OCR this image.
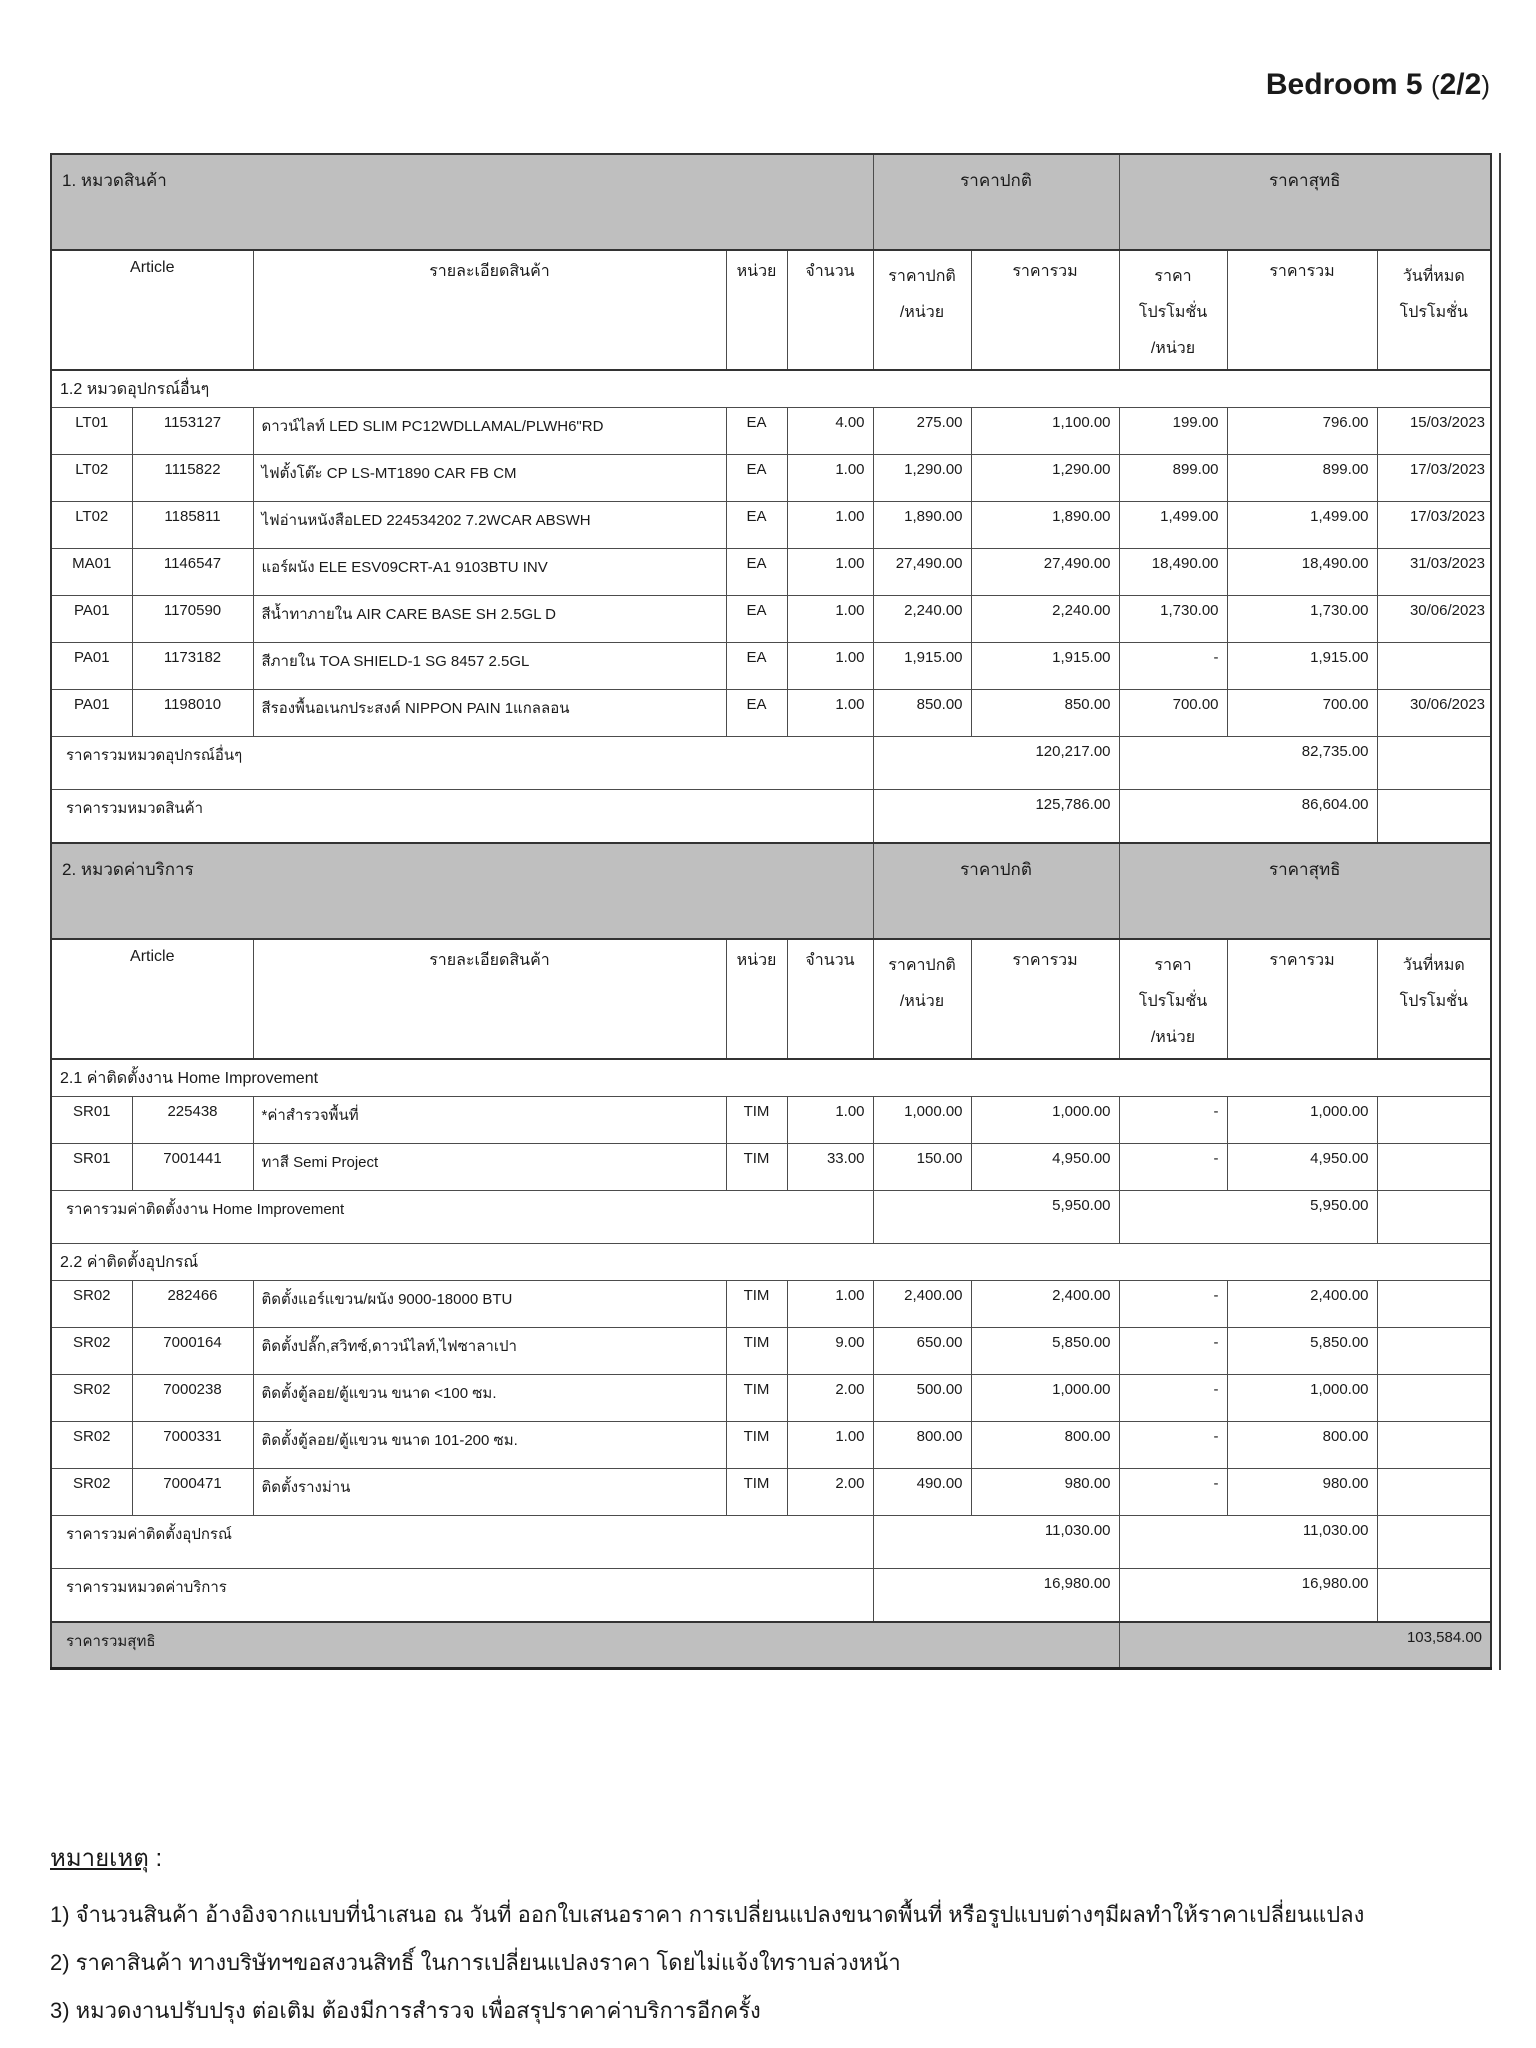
Bedroom 5 (2/2)
1. หมวดสินค้า					ราคาปกติ		ราคาสุทธิ		
Article	รายละเอียดสินค้า	หน่วย	จำนวน	ราคาปกติ
/หน่วย
	ราคารวม	ราคา
โปรโมชั่น
/หน่วย
	ราคารวม	วันที่หมด
โปรโมชั่น

1.2 หมวดอุปกรณ์อื่นๆ									
LT01	1153127	ดาวน์ไลท์ LED SLIM PC12WDLLAMAL/PLWH6"RD	EA	4.00	275.00	1,100.00	199.00	796.00	15/03/2023
LT02	1115822	ไฟตั้งโต๊ะ CP LS-MT1890 CAR FB CM	EA	1.00	1,290.00	1,290.00	899.00	899.00	17/03/2023
LT02	1185811	ไฟอ่านหนังสือLED 224534202 7.2WCAR ABSWH	EA	1.00	1,890.00	1,890.00	1,499.00	1,499.00	17/03/2023
MA01	1146547	แอร์ผนัง ELE ESV09CRT-A1 9103BTU INV	EA	1.00	27,490.00	27,490.00	18,490.00	18,490.00	31/03/2023
PA01	1170590	สีน้ำทาภายใน AIR CARE BASE SH 2.5GL D	EA	1.00	2,240.00	2,240.00	1,730.00	1,730.00	30/06/2023
PA01	1173182	สีภายใน TOA SHIELD-1 SG 8457 2.5GL	EA	1.00	1,915.00	1,915.00	-	1,915.00	
PA01	1198010	สีรองพื้นอเนกประสงค์ NIPPON PAIN 1แกลลอน	EA	1.00	850.00	850.00	700.00	700.00	30/06/2023
ราคารวมหมวดอุปกรณ์อื่นๆ					120,217.00		82,735.00		
ราคารวมหมวดสินค้า					125,786.00		86,604.00		
2. หมวดค่าบริการ					ราคาปกติ		ราคาสุทธิ		
Article	รายละเอียดสินค้า	หน่วย	จำนวน	ราคาปกติ
/หน่วย
	ราคารวม	ราคา
โปรโมชั่น
/หน่วย
	ราคารวม	วันที่หมด
โปรโมชั่น

2.1 ค่าติดตั้งงาน Home Improvement									
SR01	225438	*ค่าสำรวจพื้นที่	TIM	1.00	1,000.00	1,000.00	-	1,000.00	
SR01	7001441	ทาสี Semi Project	TIM	33.00	150.00	4,950.00	-	4,950.00	
ราคารวมค่าติดตั้งงาน Home Improvement					5,950.00		5,950.00		
2.2 ค่าติดตั้งอุปกรณ์									
SR02	282466	ติดตั้งแอร์แขวน/ผนัง 9000-18000 BTU	TIM	1.00	2,400.00	2,400.00	-	2,400.00	
SR02	7000164	ติดตั้งปลั๊ก,สวิทซ์,ดาวน์ไลท์,ไฟซาลาเปา	TIM	9.00	650.00	5,850.00	-	5,850.00	
SR02	7000238	ติดตั้งตู้ลอย/ตู้แขวน ขนาด <100 ซม.	TIM	2.00	500.00	1,000.00	-	1,000.00	
SR02	7000331	ติดตั้งตู้ลอย/ตู้แขวน ขนาด 101-200 ซม.	TIM	1.00	800.00	800.00	-	800.00	
SR02	7000471	ติดตั้งรางม่าน	TIM	2.00	490.00	980.00	-	980.00	
ราคารวมค่าติดตั้งอุปกรณ์					11,030.00		11,030.00		
ราคารวมหมวดค่าบริการ					16,980.00		16,980.00		
ราคารวมสุทธิ							103,584.00		
หมายเหตุ :
1) จำนวนสินค้า อ้างอิงจากแบบที่นำเสนอ ณ วันที่ ออกใบเสนอราคา การเปลี่ยนแปลงขนาดพื้นที่ หรือรูปแบบต่างๆมีผลทำให้ราคาเปลี่ยนแปลง
2) ราคาสินค้า ทางบริษัทฯขอสงวนสิทธิ์ ในการเปลี่ยนแปลงราคา โดยไม่แจ้งใทราบล่วงหน้า
3) หมวดงานปรับปรุง ต่อเติม ต้องมีการสำรวจ เพื่อสรุปราคาค่าบริการอีกครั้ง
